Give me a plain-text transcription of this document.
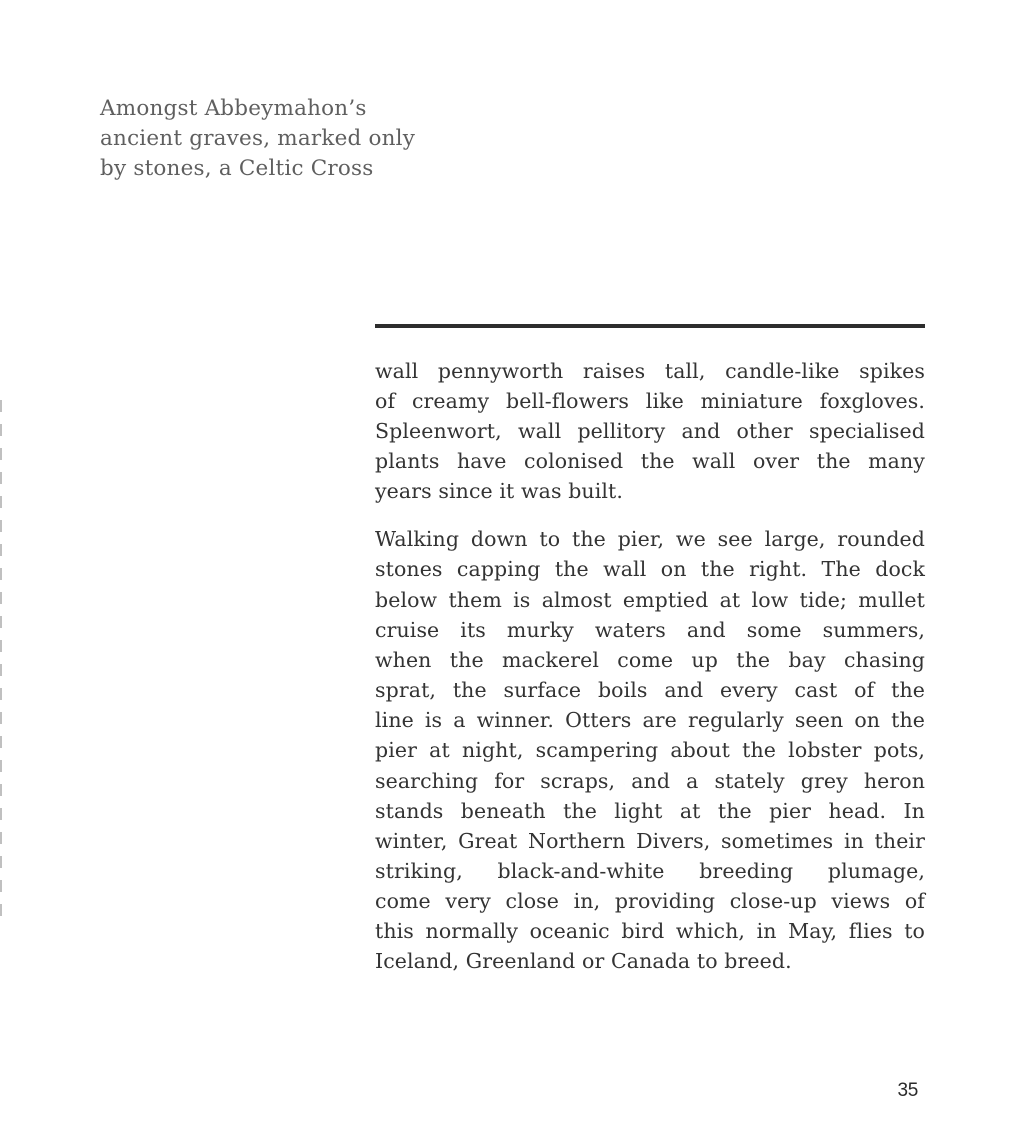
Amongst Abbeymahon’s
ancient graves, marked only
by stones, a Celtic Cross
wall pennyworth raises tall, candle-like spikes
of creamy bell-flowers like miniature foxgloves.
Spleenwort, wall pellitory and other specialised
plants have colonised the wall over the many
years since it was built.
Walking down to the pier, we see large, rounded
stones capping the wall on the right. The dock
below them is almost emptied at low tide; mullet
cruise its murky waters and some summers,
when the mackerel come up the bay chasing
sprat, the surface boils and every cast of the
line is a winner. Otters are regularly seen on the
pier at night, scampering about the lobster pots,
searching for scraps, and a stately grey heron
stands beneath the light at the pier head. In
winter, Great Northern Divers, sometimes in their
striking, black-and-white breeding plumage,
come very close in, providing close-up views of
this normally oceanic bird which, in May, flies to
Iceland, Greenland or Canada to breed.
35
